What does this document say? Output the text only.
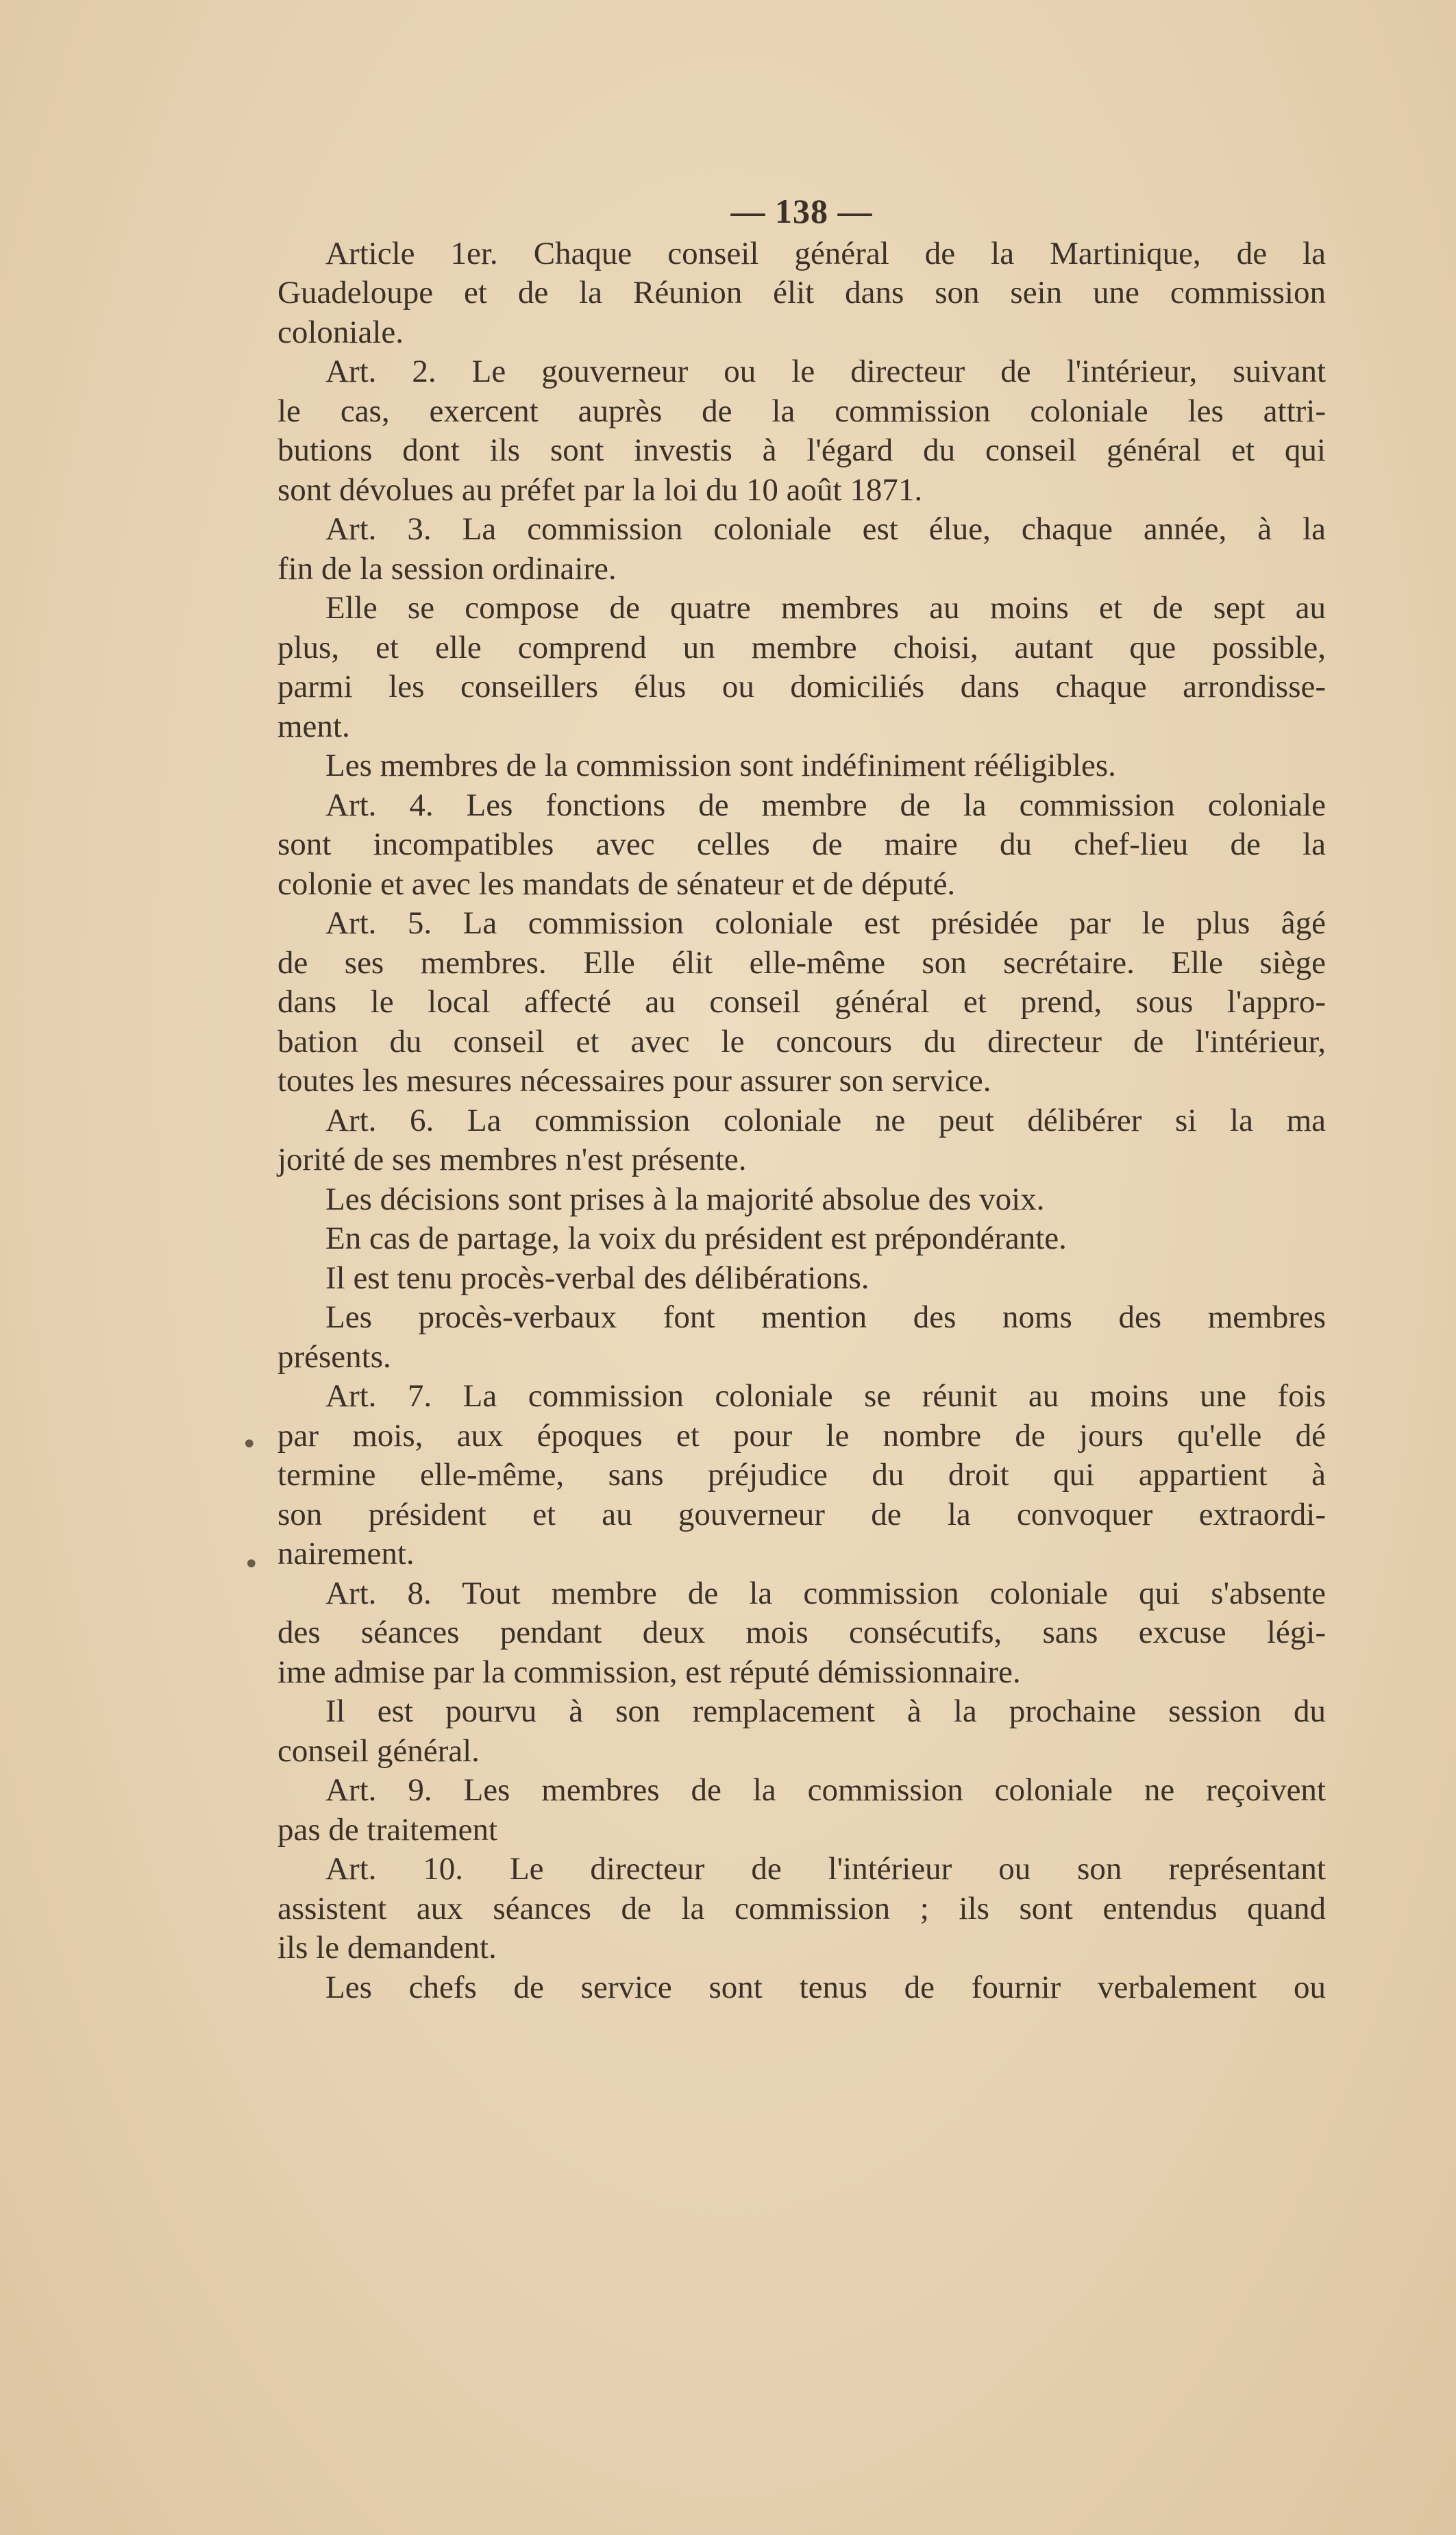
— 138 —
Article 1er. Chaque conseil général de la Martinique, de la
Guadeloupe et de la Réunion élit dans son sein une commission
coloniale.
Art. 2. Le gouverneur ou le directeur de l'intérieur, suivant
le cas, exercent auprès de la commission coloniale les attri-
butions dont ils sont investis à l'égard du conseil général et qui
sont dévolues au préfet par la loi du 10 août 1871.
Art. 3. La commission coloniale est élue, chaque année, à la
fin de la session ordinaire.
Elle se compose de quatre membres au moins et de sept au
plus, et elle comprend un membre choisi, autant que possible,
parmi les conseillers élus ou domiciliés dans chaque arrondisse-
ment.
Les membres de la commission sont indéfiniment rééligibles.
Art. 4. Les fonctions de membre de la commission coloniale
sont incompatibles avec celles de maire du chef-lieu de la
colonie et avec les mandats de sénateur et de député.
Art. 5. La commission coloniale est présidée par le plus âgé
de ses membres. Elle élit elle-même son secrétaire. Elle siège
dans le local affecté au conseil général et prend, sous l'appro-
bation du conseil et avec le concours du directeur de l'intérieur,
toutes les mesures nécessaires pour assurer son service.
Art. 6. La commission coloniale ne peut délibérer si la ma
jorité de ses membres n'est présente.
Les décisions sont prises à la majorité absolue des voix.
En cas de partage, la voix du président est prépondérante.
Il est tenu procès-verbal des délibérations.
Les procès-verbaux font mention des noms des membres
présents.
Art. 7. La commission coloniale se réunit au moins une fois
par mois, aux époques et pour le nombre de jours qu'elle dé
termine elle-même, sans préjudice du droit qui appartient à
son président et au gouverneur de la convoquer extraordi-
nairement.
Art. 8. Tout membre de la commission coloniale qui s'absente
des séances pendant deux mois consécutifs, sans excuse légi-
ime admise par la commission, est réputé démissionnaire.
Il est pourvu à son remplacement à la prochaine session du
conseil général.
Art. 9. Les membres de la commission coloniale ne reçoivent
pas de traitement
Art. 10. Le directeur de l'intérieur ou son représentant
assistent aux séances de la commission ; ils sont entendus quand
ils le demandent.
Les chefs de service sont tenus de fournir verbalement ou
•
•
